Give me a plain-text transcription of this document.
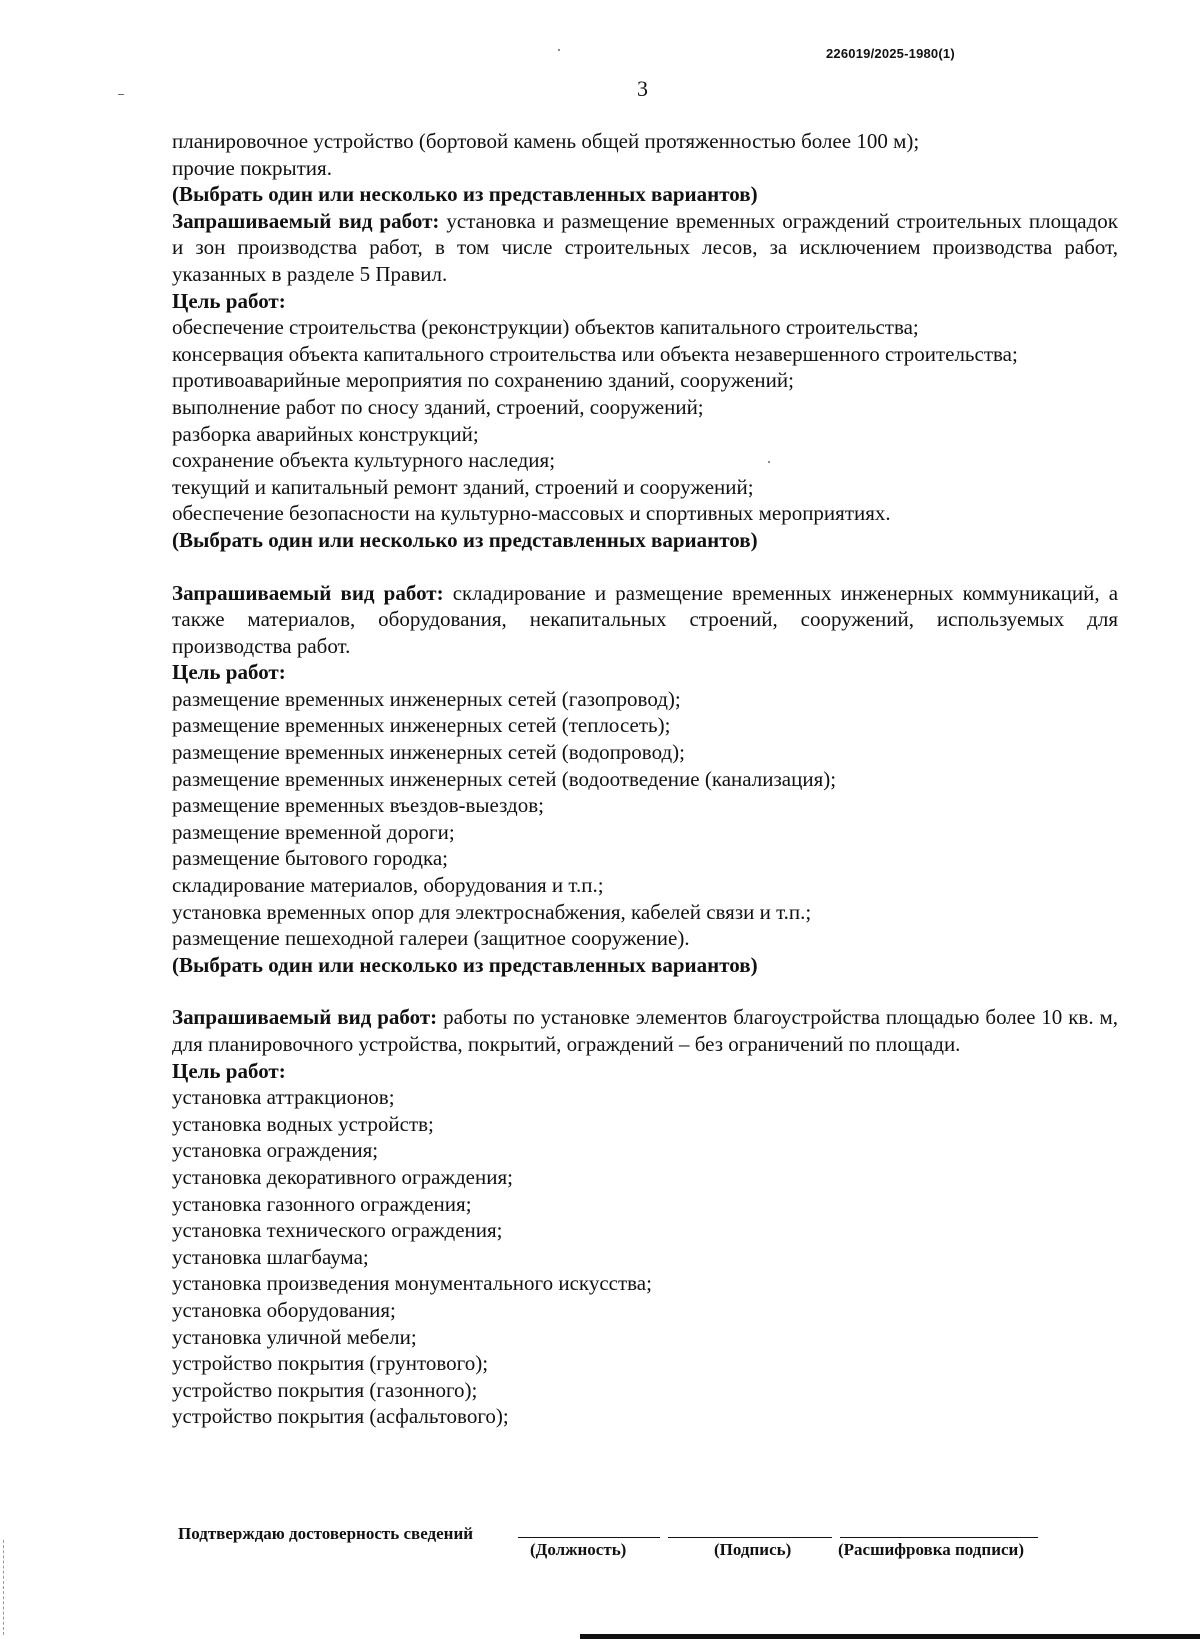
226019/2025-1980(1)
3
планировочное устройство (бортовой камень общей протяженностью более 100 м);
прочие покрытия.
(Выбрать один или несколько из представленных вариантов)
Запрашиваемый вид работ: установка и размещение временных ограждений строительных площадок и зон производства работ, в том числе строительных лесов, за исключением производства работ, указанных в разделе 5 Правил.
Цель работ:
обеспечение строительства (реконструкции) объектов капитального строительства;
консервация объекта капитального строительства или объекта незавершенного строительства;
противоаварийные мероприятия по сохранению зданий, сооружений;
выполнение работ по сносу зданий, строений, сооружений;
разборка аварийных конструкций;
сохранение объекта культурного наследия;
текущий и капитальный ремонт зданий, строений и сооружений;
обеспечение безопасности на культурно-массовых и спортивных мероприятиях.
(Выбрать один или несколько из представленных вариантов)
Запрашиваемый вид работ: складирование и размещение временных инженерных коммуникаций, а также материалов, оборудования, некапитальных строений, сооружений, используемых для производства работ.
Цель работ:
размещение временных инженерных сетей (газопровод);
размещение временных инженерных сетей (теплосеть);
размещение временных инженерных сетей (водопровод);
размещение временных инженерных сетей (водоотведение (канализация);
размещение временных въездов-выездов;
размещение временной дороги;
размещение бытового городка;
складирование материалов, оборудования и т.п.;
установка временных опор для электроснабжения, кабелей связи и т.п.;
размещение пешеходной галереи (защитное сооружение).
(Выбрать один или несколько из представленных вариантов)
Запрашиваемый вид работ: работы по установке элементов благоустройства площадью более 10 кв. м, для планировочного устройства, покрытий, ограждений – без ограничений по площади.
Цель работ:
установка аттракционов;
установка водных устройств;
установка ограждения;
установка декоративного ограждения;
установка газонного ограждения;
установка технического ограждения;
установка шлагбаума;
установка произведения монументального искусства;
установка оборудования;
установка уличной мебели;
устройство покрытия (грунтового);
устройство покрытия (газонного);
устройство покрытия (асфальтового);
Подтверждаю достоверность сведений
(Должность)	(Подпись)	(Расшифровка подписи)
